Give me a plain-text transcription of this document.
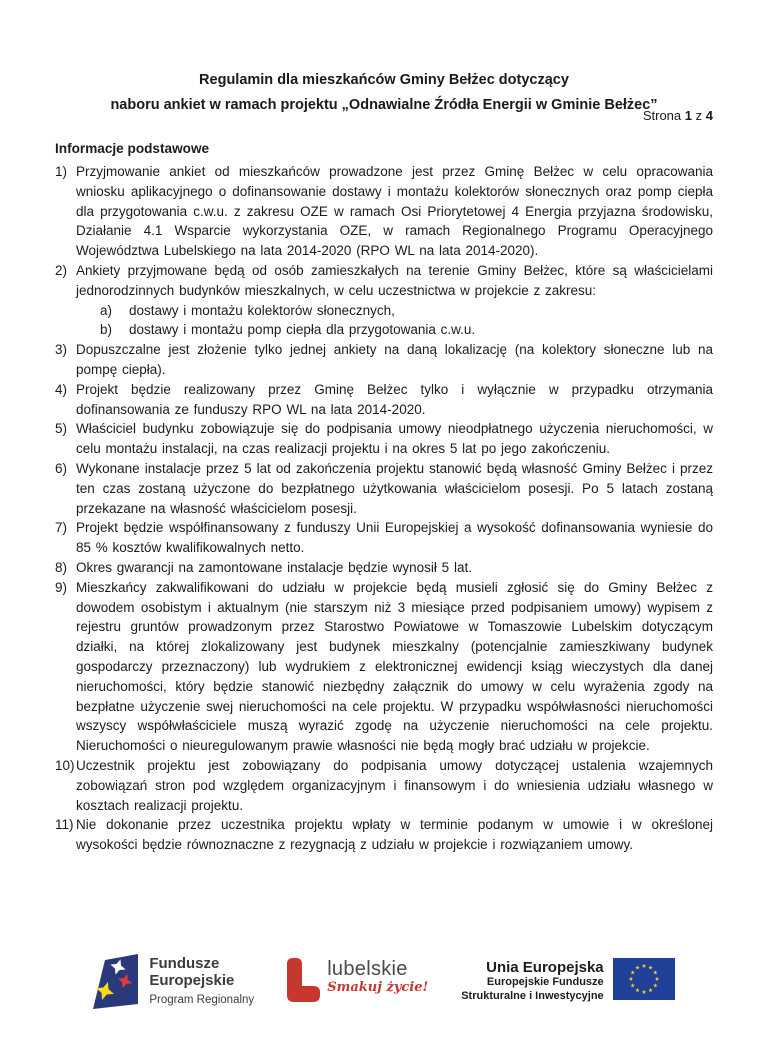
Strona 1 z 4
Regulamin dla mieszkańców Gminy Bełżec dotyczący
naboru ankiet w ramach projektu „Odnawialne Źródła Energii w Gminie Bełżec”
Informacje podstawowe
1) Przyjmowanie ankiet od mieszkańców prowadzone jest przez Gminę Bełżec w celu opracowania wniosku aplikacyjnego o dofinansowanie dostawy i montażu kolektorów słonecznych oraz pomp ciepła dla przygotowania c.w.u. z zakresu OZE w ramach Osi Priorytetowej 4 Energia przyjazna środowisku, Działanie 4.1 Wsparcie wykorzystania OZE, w ramach Regionalnego Programu Operacyjnego Województwa Lubelskiego na lata 2014-2020 (RPO WL na lata 2014-2020).
2) Ankiety przyjmowane będą od osób zamieszkałych na terenie Gminy Bełżec, które są właścicielami jednorodzinnych budynków mieszkalnych, w celu uczestnictwa w projekcie z zakresu:
a) dostawy i montażu kolektorów słonecznych,
b) dostawy i montażu pomp ciepła dla przygotowania c.w.u.
3) Dopuszczalne jest złożenie tylko jednej ankiety na daną lokalizację (na kolektory słoneczne lub na pompę ciepła).
4) Projekt będzie realizowany przez Gminę Bełżec tylko i wyłącznie w przypadku otrzymania dofinansowania ze funduszy RPO WL na lata 2014-2020.
5) Właściciel budynku zobowiązuje się do podpisania umowy nieodpłatnego użyczenia nieruchomości, w celu montażu instalacji, na czas realizacji projektu i na okres 5 lat po jego zakończeniu.
6) Wykonane instalacje przez 5 lat od zakończenia projektu stanowić będą własność Gminy Bełżec i przez ten czas zostaną użyczone do bezpłatnego użytkowania właścicielom posesji. Po 5 latach zostaną przekazane na własność właścicielom posesji.
7) Projekt będzie współfinansowany z funduszy Unii Europejskiej a wysokość dofinansowania wyniesie do 85 % kosztów kwalifikowalnych netto.
8) Okres gwarancji na zamontowane instalacje będzie wynosił 5 lat.
9) Mieszkańcy zakwalifikowani do udziału w projekcie będą musieli zgłosić się do Gminy Bełżec z dowodem osobistym i aktualnym (nie starszym niż 3 miesiące przed podpisaniem umowy) wypisem z rejestru gruntów prowadzonym przez Starostwo Powiatowe w Tomaszowie Lubelskim dotyczącym działki, na której zlokalizowany jest budynek mieszkalny (potencjalnie zamieszkiwany budynek gospodarczy przeznaczony) lub wydrukiem z elektronicznej ewidencji ksiąg wieczystych dla danej nieruchomości, który będzie stanowić niezbędny załącznik do umowy w celu wyrażenia zgody na bezpłatne użyczenie swej nieruchomości na cele projektu. W przypadku współwłasności nieruchomości wszyscy współwłaściciele muszą wyrazić zgodę na użyczenie nieruchomości na cele projektu. Nieruchomości o nieuregulowanym prawie własności nie będą mogły brać udziału w projekcie.
10) Uczestnik projektu jest zobowiązany do podpisania umowy dotyczącej ustalenia wzajemnych zobowiązań stron pod względem organizacyjnym i finansowym i do wniesienia udziału własnego w kosztach realizacji projektu.
11) Nie dokonanie przez uczestnika projektu wpłaty w terminie podanym w umowie i w określonej wysokości będzie równoznaczne z rezygnacją z udziału w projekcie i rozwiązaniem umowy.
Fundusze
Europejskie
Program Regionalny
lubelskie
Smakuj życie!
Unia Europejska
Europejskie Fundusze
Strukturalne i Inwestycyjne
